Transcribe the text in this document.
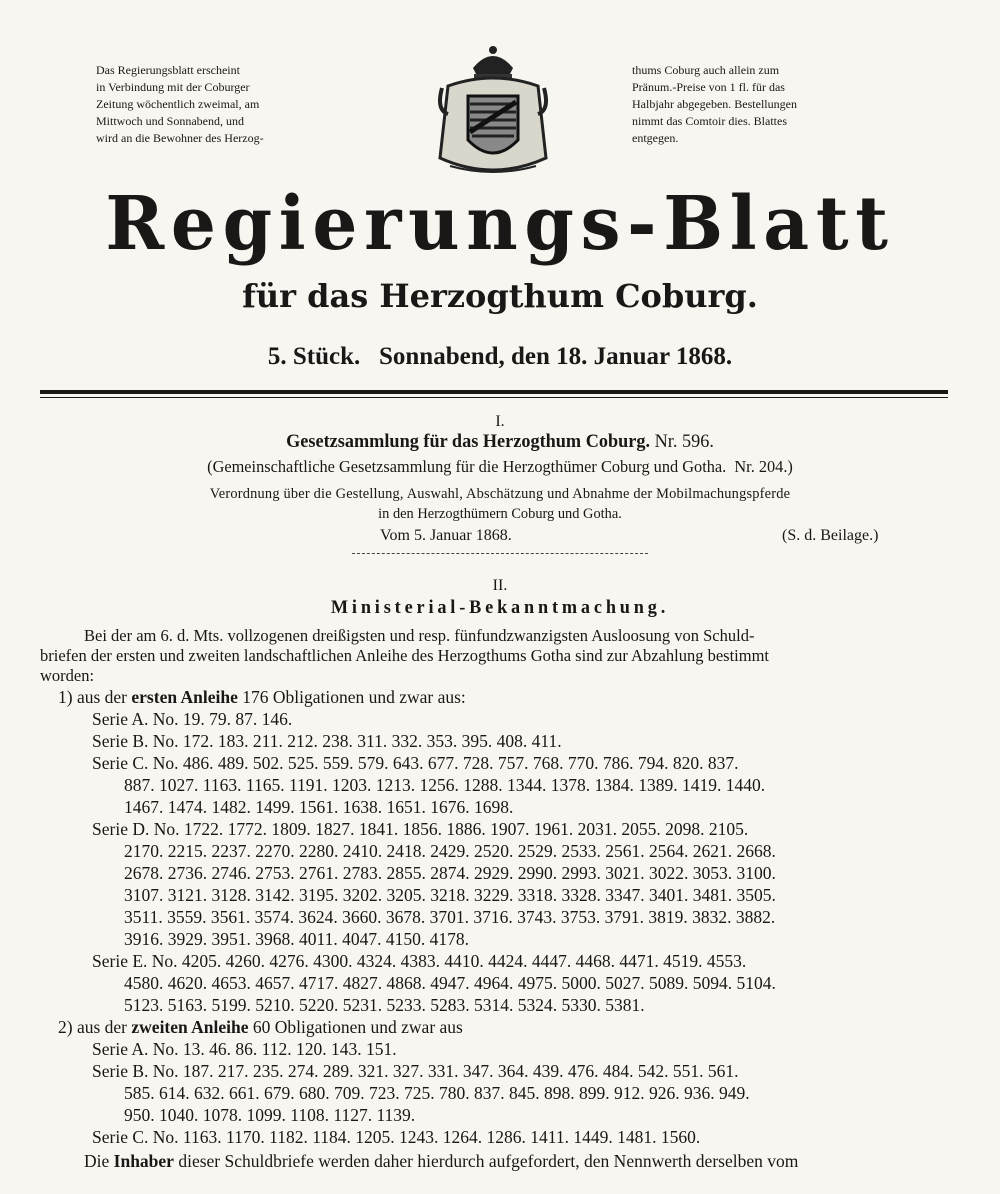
Das Regierungsblatt erscheint
in Verbindung mit der Coburger
Zeitung wöchentlich zweimal, am
Mittwoch und Sonnabend, und
wird an die Bewohner des Herzog-
thums Coburg auch allein zum
Pränum.-Preise von 1 fl. für das
Halbjahr abgegeben. Bestellungen
nimmt das Comtoir dies. Blattes
entgegen.
Regierungs-Blatt
für das Herzogthum Coburg.
5. Stück.   Sonnabend, den 18. Januar 1868.
I.
Gesetzsammlung für das Herzogthum Coburg. Nr. 596.
(Gemeinschaftliche Gesetzsammlung für die Herzogthümer Coburg und Gotha.  Nr. 204.)
Verordnung über die Gestellung, Auswahl, Abschätzung und Abnahme der Mobilmachungspferde
in den Herzogthümern Coburg und Gotha.
Vom 5. Januar 1868.	(S. d. Beilage.)
II.
Ministerial-Bekanntmachung.
Bei der am 6. d. Mts. vollzogenen dreißigsten und resp. fünfundzwanzigsten Ausloosung von Schuld-
briefen der ersten und zweiten landschaftlichen Anleihe des Herzogthums Gotha sind zur Abzahlung bestimmt
worden:
1) aus der ersten Anleihe 176 Obligationen und zwar aus:
Serie A. No. 19. 79. 87. 146.
Serie B. No. 172. 183. 211. 212. 238. 311. 332. 353. 395. 408. 411.
Serie C. No. 486. 489. 502. 525. 559. 579. 643. 677. 728. 757. 768. 770. 786. 794. 820. 837.
887. 1027. 1163. 1165. 1191. 1203. 1213. 1256. 1288. 1344. 1378. 1384. 1389. 1419. 1440.
1467. 1474. 1482. 1499. 1561. 1638. 1651. 1676. 1698.
Serie D. No. 1722. 1772. 1809. 1827. 1841. 1856. 1886. 1907. 1961. 2031. 2055. 2098. 2105.
2170. 2215. 2237. 2270. 2280. 2410. 2418. 2429. 2520. 2529. 2533. 2561. 2564. 2621. 2668.
2678. 2736. 2746. 2753. 2761. 2783. 2855. 2874. 2929. 2990. 2993. 3021. 3022. 3053. 3100.
3107. 3121. 3128. 3142. 3195. 3202. 3205. 3218. 3229. 3318. 3328. 3347. 3401. 3481. 3505.
3511. 3559. 3561. 3574. 3624. 3660. 3678. 3701. 3716. 3743. 3753. 3791. 3819. 3832. 3882.
3916. 3929. 3951. 3968. 4011. 4047. 4150. 4178.
Serie E. No. 4205. 4260. 4276. 4300. 4324. 4383. 4410. 4424. 4447. 4468. 4471. 4519. 4553.
4580. 4620. 4653. 4657. 4717. 4827. 4868. 4947. 4964. 4975. 5000. 5027. 5089. 5094. 5104.
5123. 5163. 5199. 5210. 5220. 5231. 5233. 5283. 5314. 5324. 5330. 5381.
2) aus der zweiten Anleihe 60 Obligationen und zwar aus
Serie A. No. 13. 46. 86. 112. 120. 143. 151.
Serie B. No. 187. 217. 235. 274. 289. 321. 327. 331. 347. 364. 439. 476. 484. 542. 551. 561.
585. 614. 632. 661. 679. 680. 709. 723. 725. 780. 837. 845. 898. 899. 912. 926. 936. 949.
950. 1040. 1078. 1099. 1108. 1127. 1139.
Serie C. No. 1163. 1170. 1182. 1184. 1205. 1243. 1264. 1286. 1411. 1449. 1481. 1560.
Die Inhaber dieser Schuldbriefe werden daher hierdurch aufgefordert, den Nennwerth derselben vom
